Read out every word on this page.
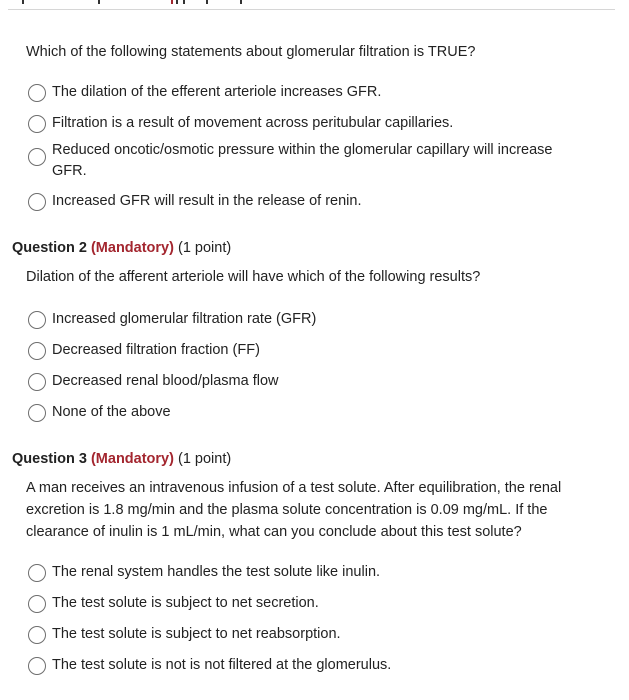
Which of the following statements about glomerular filtration is TRUE?
The dilation of the efferent arteriole increases GFR.
Filtration is a result of movement across peritubular capillaries.
Reduced oncotic/osmotic pressure within the glomerular capillary will increase GFR.
Increased GFR will result in the release of renin.
Question 2 (Mandatory) (1 point)
Dilation of the afferent arteriole will have which of the following results?
Increased glomerular filtration rate (GFR)
Decreased filtration fraction (FF)
Decreased renal blood/plasma flow
None of the above
Question 3 (Mandatory) (1 point)
A man receives an intravenous infusion of a test solute. After equilibration, the renal excretion is 1.8 mg/min and the plasma solute concentration is 0.09 mg/mL. If the clearance of inulin is 1 mL/min, what can you conclude about this test solute?
The renal system handles the test solute like inulin.
The test solute is subject to net secretion.
The test solute is subject to net reabsorption.
The test solute is not is not filtered at the glomerulus.
